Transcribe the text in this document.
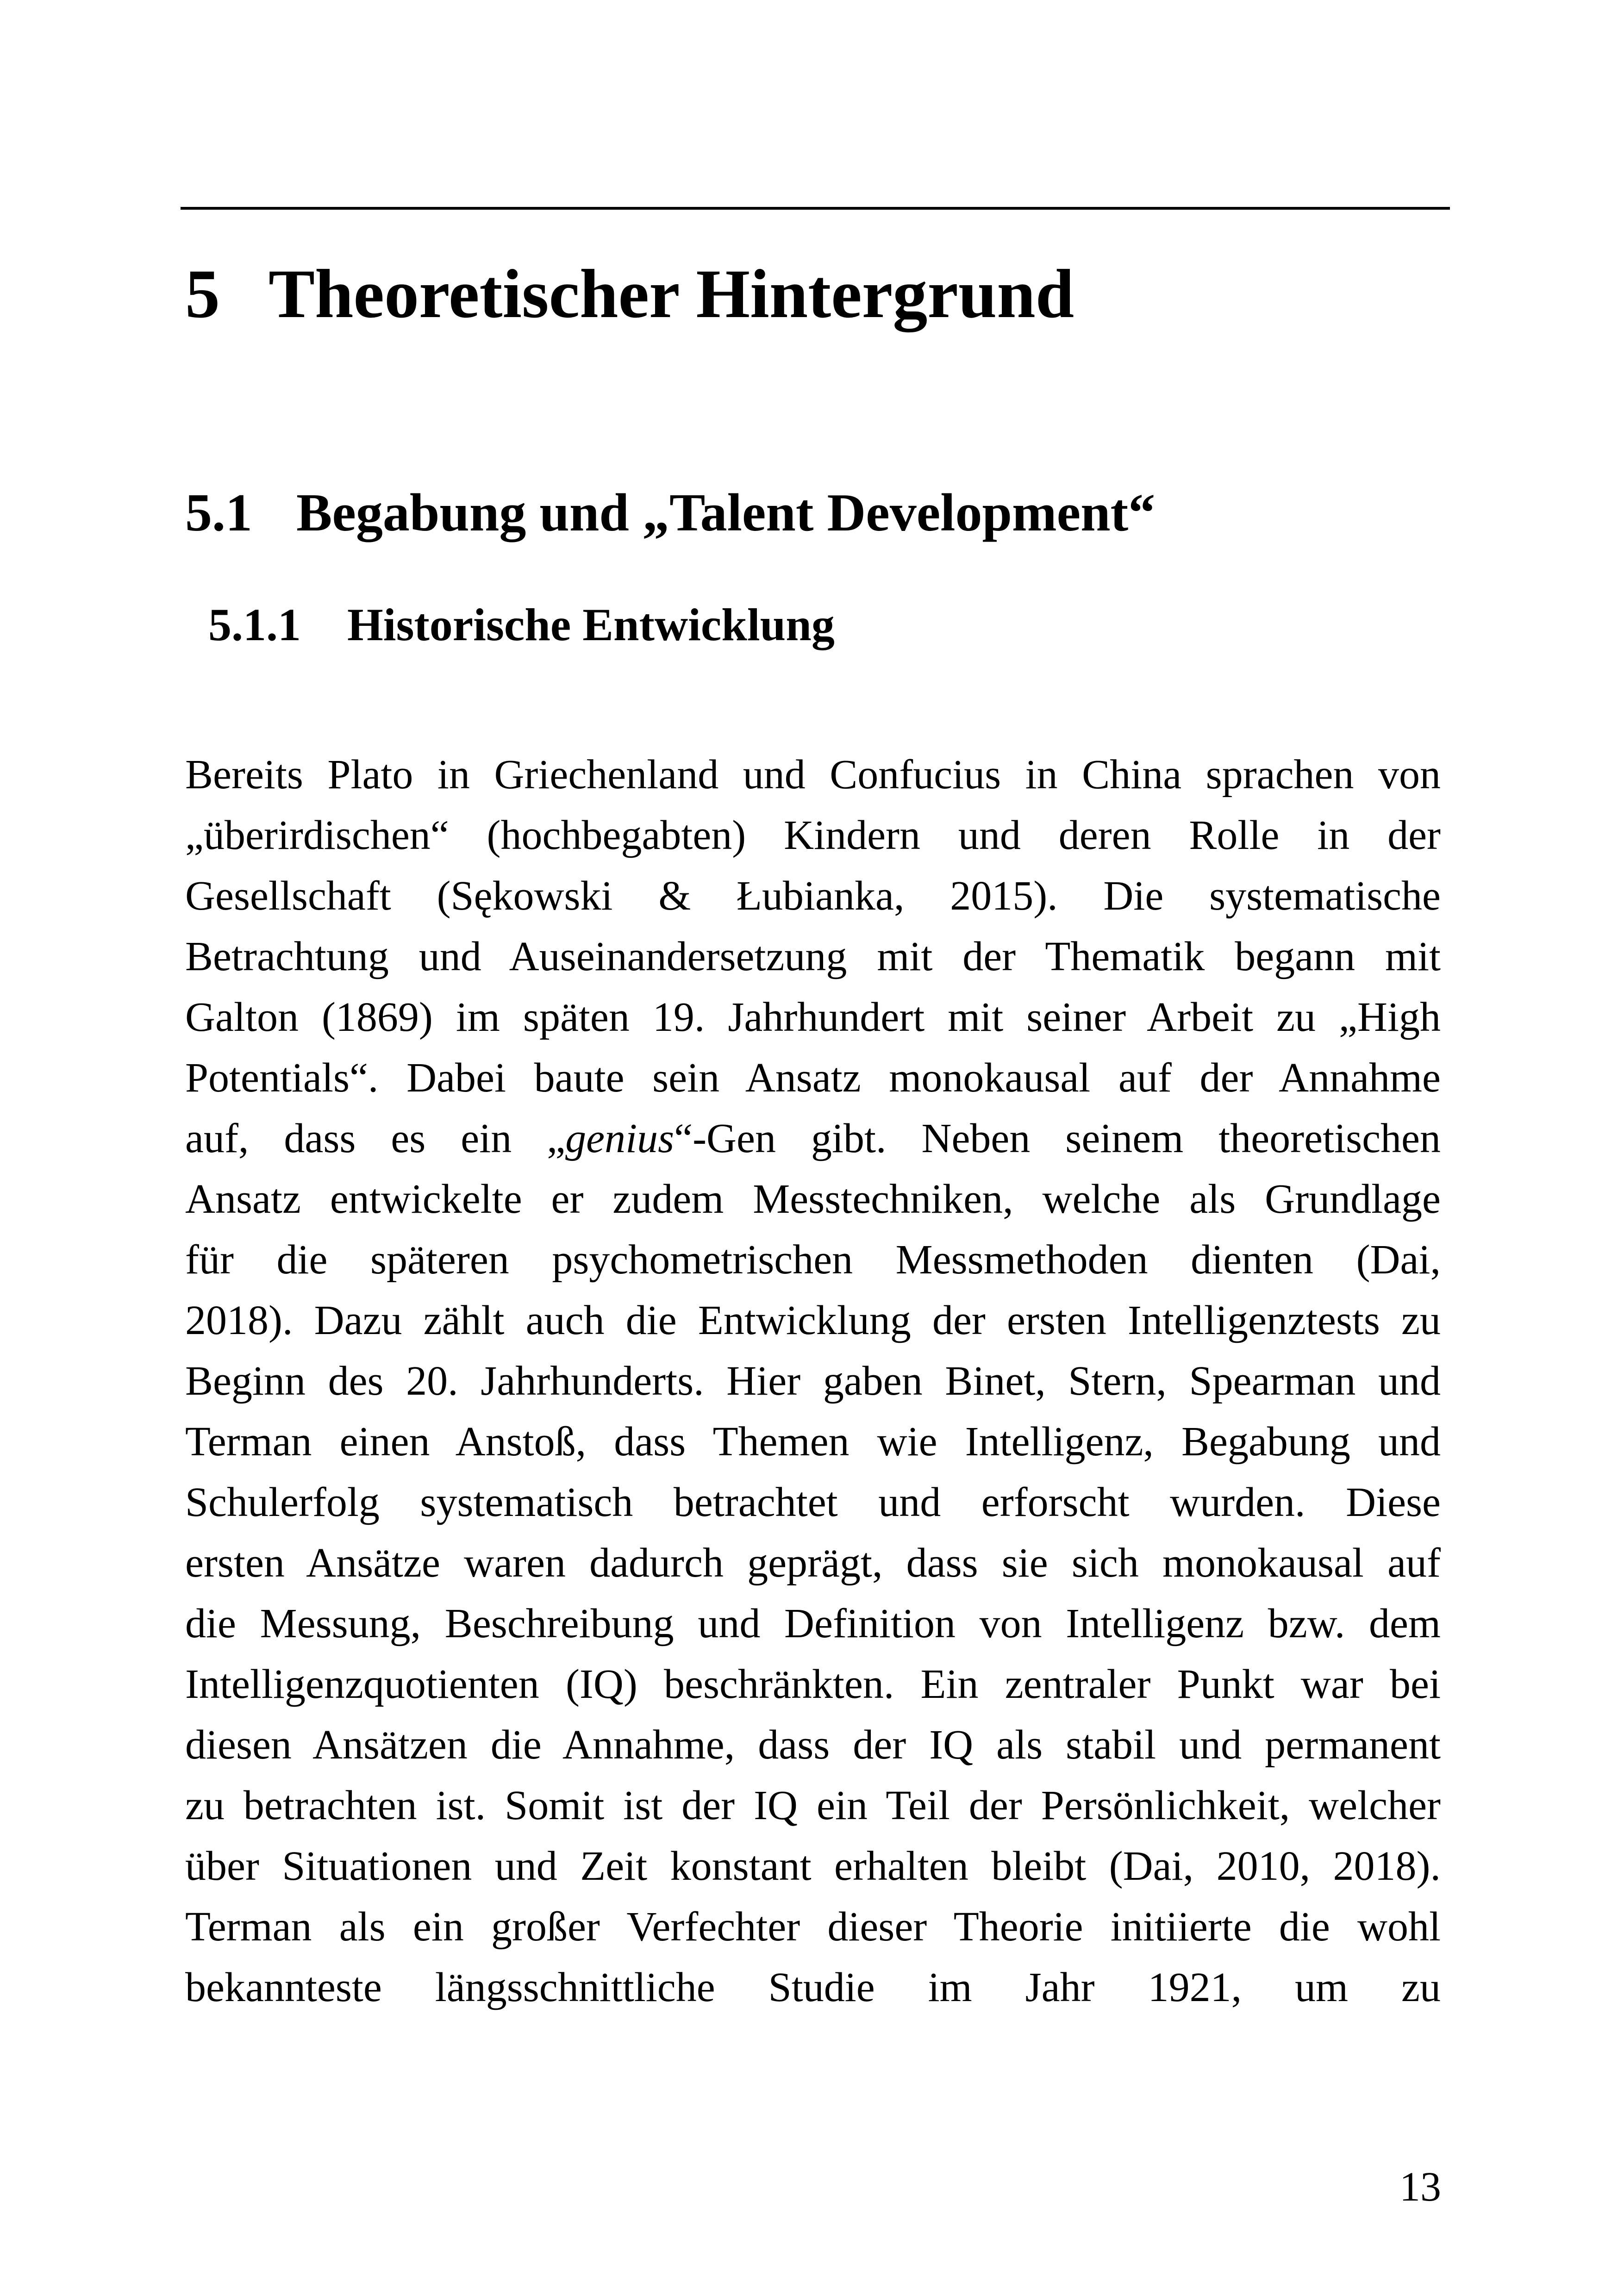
5 Theoretischer Hintergrund
5.1 Begabung und „Talent Development“
5.1.1 Historische Entwicklung
Bereits Plato in Griechenland und Confucius in China sprachen von
„überirdischen“ (hochbegabten) Kindern und deren Rolle in der
Gesellschaft (Sękowski & Łubianka, 2015). Die systematische
Betrachtung und Auseinandersetzung mit der Thematik begann mit
Galton (1869) im späten 19. Jahrhundert mit seiner Arbeit zu „High
Potentials“. Dabei baute sein Ansatz monokausal auf der Annahme
auf, dass es ein „genius“-Gen gibt. Neben seinem theoretischen
Ansatz entwickelte er zudem Messtechniken, welche als Grundlage
für die späteren psychometrischen Messmethoden dienten (Dai,
2018). Dazu zählt auch die Entwicklung der ersten Intelligenztests zu
Beginn des 20. Jahrhunderts. Hier gaben Binet, Stern, Spearman und
Terman einen Anstoß, dass Themen wie Intelligenz, Begabung und
Schulerfolg systematisch betrachtet und erforscht wurden. Diese
ersten Ansätze waren dadurch geprägt, dass sie sich monokausal auf
die Messung, Beschreibung und Definition von Intelligenz bzw. dem
Intelligenzquotienten (IQ) beschränkten. Ein zentraler Punkt war bei
diesen Ansätzen die Annahme, dass der IQ als stabil und permanent
zu betrachten ist. Somit ist der IQ ein Teil der Persönlichkeit, welcher
über Situationen und Zeit konstant erhalten bleibt (Dai, 2010, 2018).
Terman als ein großer Verfechter dieser Theorie initiierte die wohl
bekannteste längsschnittliche Studie im Jahr 1921, um zu
13
